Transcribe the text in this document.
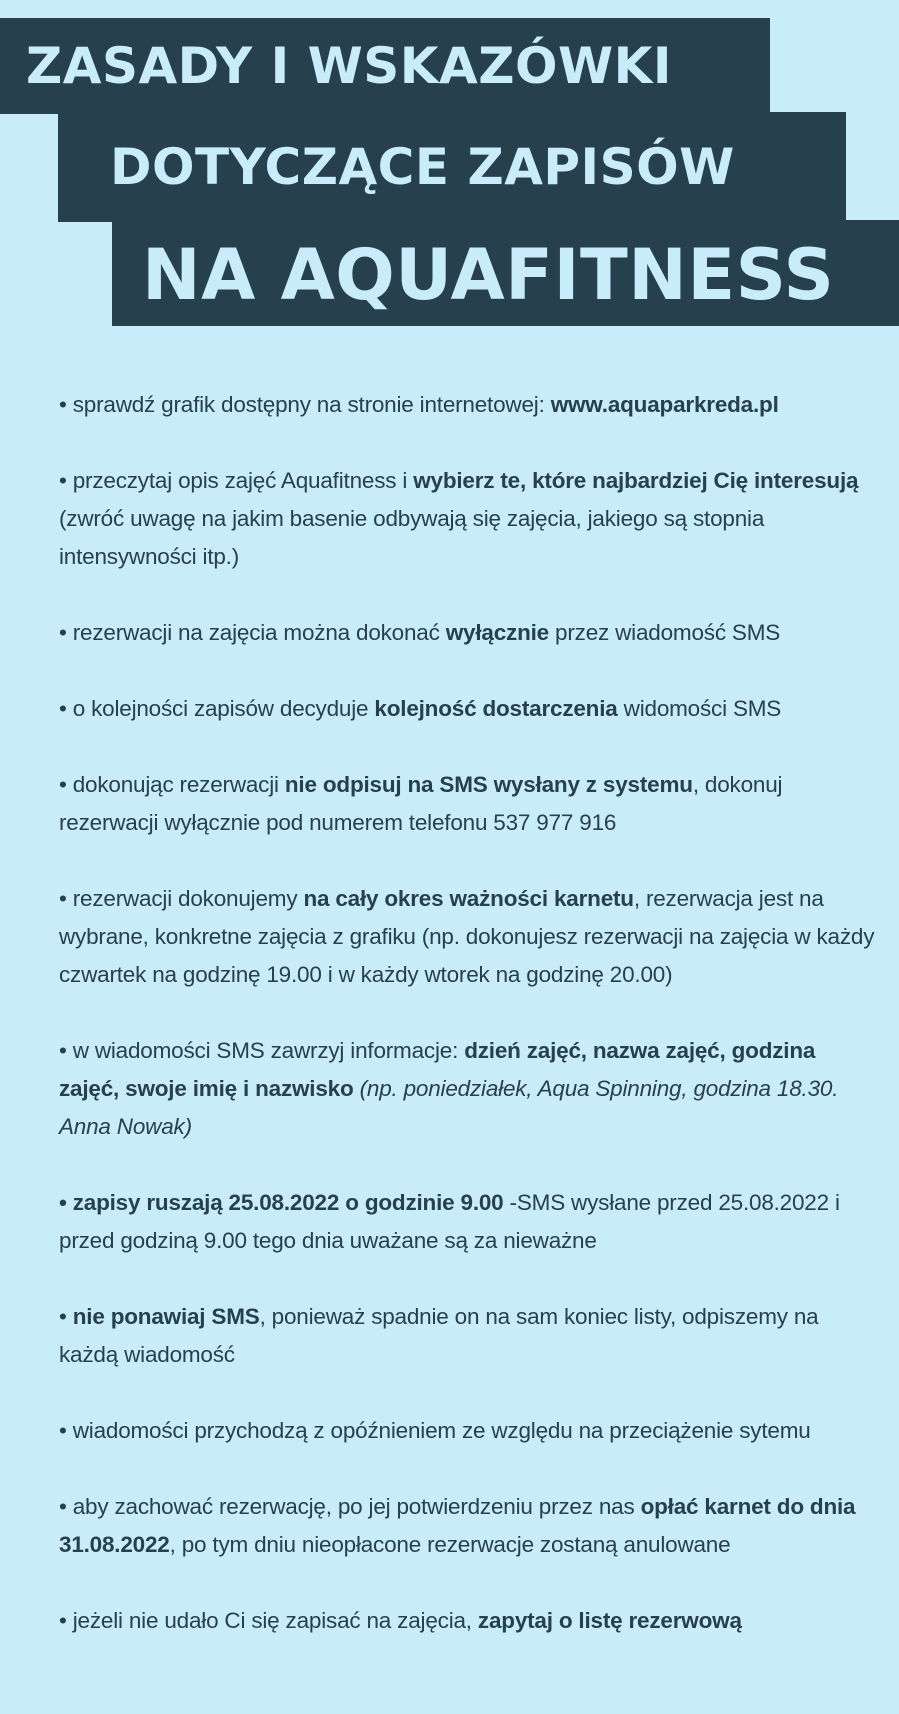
ZASADY I WSKAZÓWKI
DOTYCZĄCE ZAPISÓW
NA AQUAFITNESS
• sprawdź grafik dostępny na stronie internetowej: www.aquaparkreda.pl
• przeczytaj opis zajęć Aquafitness i wybierz te, które najbardziej Cię interesują (zwróć uwagę na jakim basenie odbywają się zajęcia, jakiego są stopnia intensywności itp.)
• rezerwacji na zajęcia można dokonać wyłącznie przez wiadomość SMS
• o kolejności zapisów decyduje kolejność dostarczenia widomości SMS
• dokonując rezerwacji nie odpisuj na SMS wysłany z systemu, dokonuj rezerwacji wyłącznie pod numerem telefonu 537 977 916
• rezerwacji dokonujemy na cały okres ważności karnetu, rezerwacja jest na wybrane, konkretne zajęcia z grafiku (np. dokonujesz rezerwacji na zajęcia w każdy czwartek na godzinę 19.00 i w każdy wtorek na godzinę 20.00)
• w wiadomości SMS zawrzyj informacje: dzień zajęć, nazwa zajęć, godzina zajęć, swoje imię i nazwisko (np. poniedziałek, Aqua Spinning, godzina 18.30. Anna Nowak)
• zapisy ruszają 25.08.2022 o godzinie 9.00 -SMS wysłane przed 25.08.2022 i przed godziną 9.00 tego dnia uważane są za nieważne
• nie ponawiaj SMS, ponieważ spadnie on na sam koniec listy, odpiszemy na każdą wiadomość
• wiadomości przychodzą z opóźnieniem ze względu na przeciążenie sytemu
• aby zachować rezerwację, po jej potwierdzeniu przez nas opłać karnet do dnia 31.08.2022, po tym dniu nieopłacone rezerwacje zostaną anulowane
• jeżeli nie udało Ci się zapisać na zajęcia, zapytaj o listę rezerwową
